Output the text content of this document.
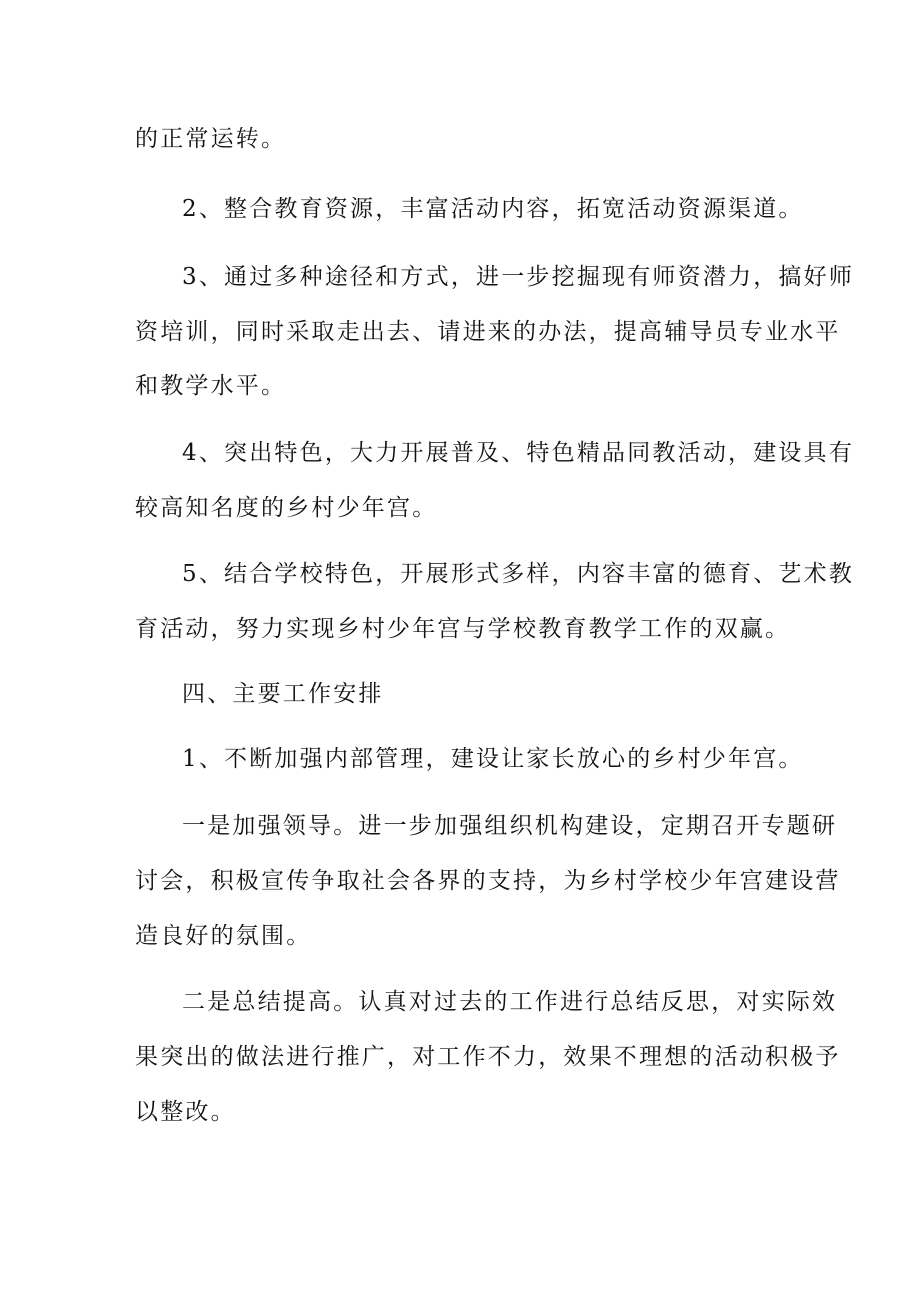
的正常运转。
2、整合教育资源，丰富活动内容，拓宽活动资源渠道。
3、通过多种途径和方式，进一步挖掘现有师资潜力，搞好师
资培训，同时采取走出去、请进来的办法，提高辅导员专业水平
和教学水平。
4、突出特色，大力开展普及、特色精品同教活动，建设具有
较高知名度的乡村少年宫。
5、结合学校特色，开展形式多样，内容丰富的德育、艺术教
育活动，努力实现乡村少年宫与学校教育教学工作的双赢。
四、主要工作安排
1、不断加强内部管理，建设让家长放心的乡村少年宫。
一是加强领导。进一步加强组织机构建设，定期召开专题研
讨会，积极宣传争取社会各界的支持，为乡村学校少年宫建设营
造良好的氛围。
二是总结提高。认真对过去的工作进行总结反思，对实际效
果突出的做法进行推广，对工作不力，效果不理想的活动积极予
以整改。
